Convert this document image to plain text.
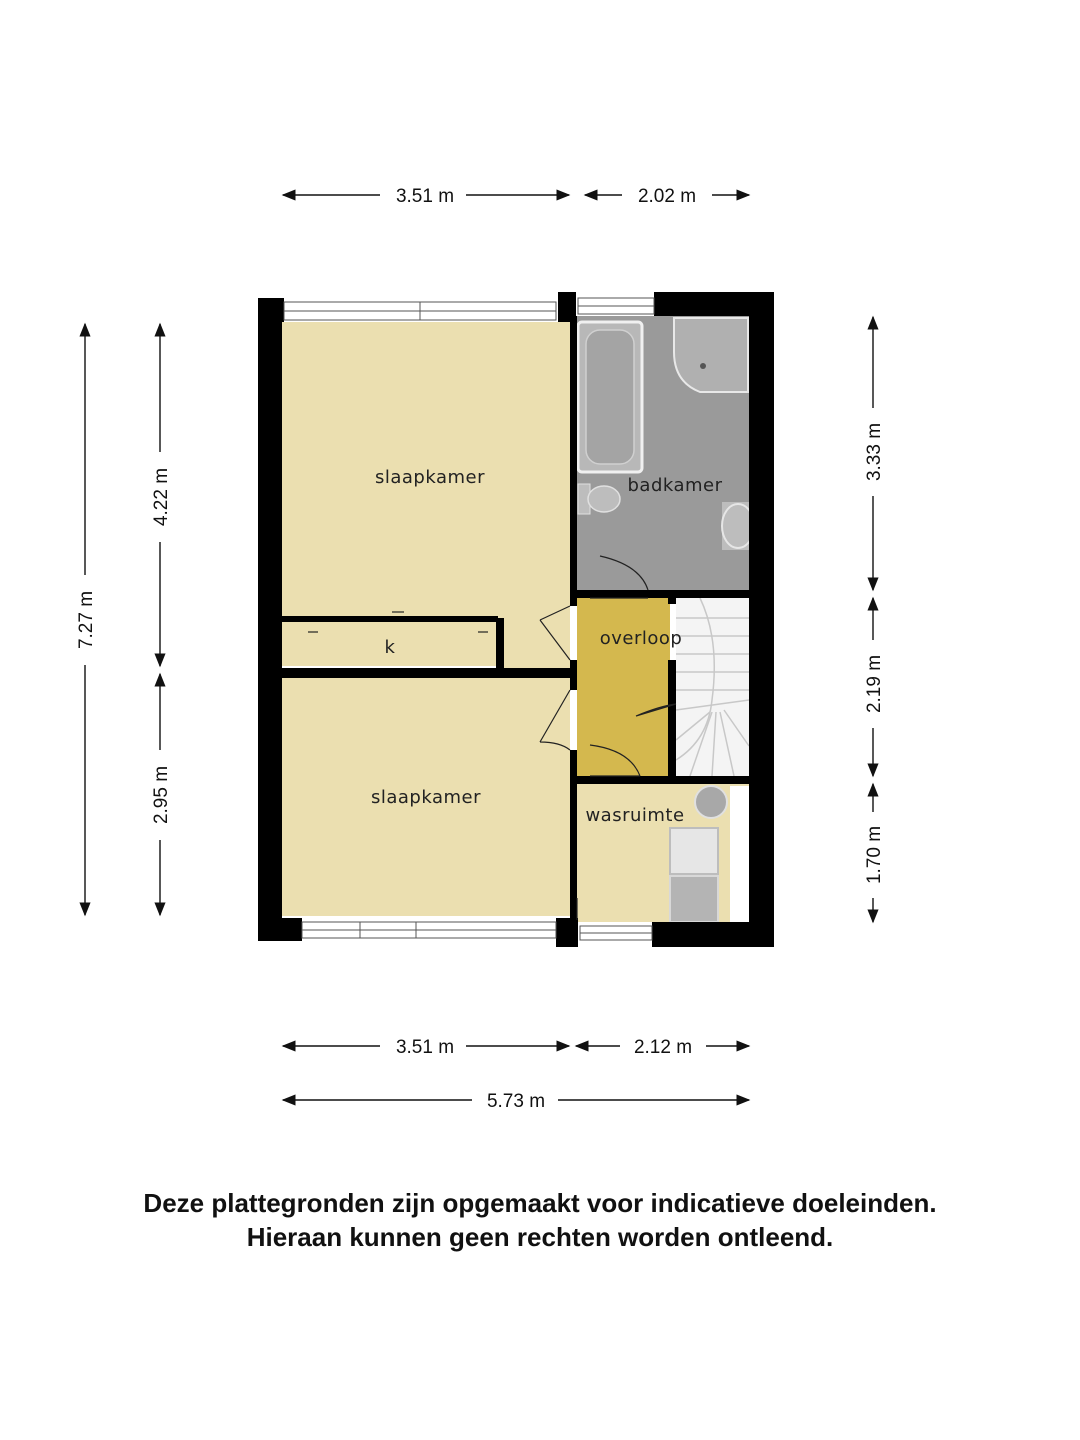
slaapkamer
slaapkamer
badkamer
overloop
k
wasruimte
3.51 m	2.02 m
3.51 m	2.12 m
5.73 m
7.27 m
4.22 m
2.95 m
3.33 m
2.19 m
1.70 m
Deze plattegronden zijn opgemaakt voor indicatieve doeleinden.
Hieraan kunnen geen rechten worden ontleend.
